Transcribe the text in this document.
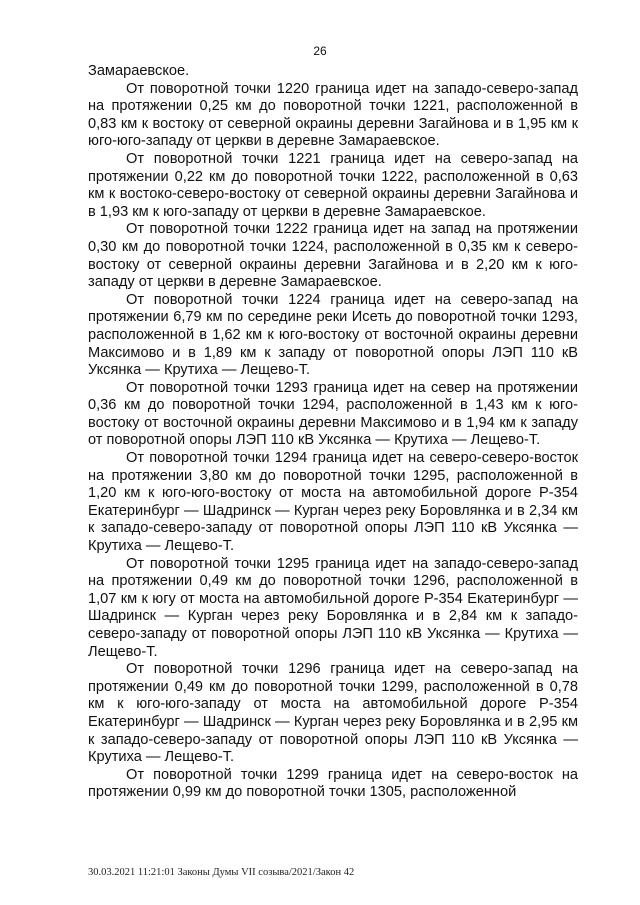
26

Замараевское.

От поворотной точки 1220 граница идет на западо-северо-запад на протяжении 0,25 км до поворотной точки 1221, расположенной в 0,83 км к востоку от северной окраины деревни Загайнова и в 1,95 км к юго-юго-западу от церкви в деревне Замараевское.

От поворотной точки 1221 граница идет на северо-запад на протяжении 0,22 км до поворотной точки 1222, расположенной в 0,63 км к востоко-северо-востоку от северной окраины деревни Загайнова и в 1,93 км к юго-западу от церкви в деревне Замараевское.

От поворотной точки 1222 граница идет на запад на протяжении 0,30 км до поворотной точки 1224, расположенной в 0,35 км к северо-востоку от северной окраины деревни Загайнова и в 2,20 км к юго-западу от церкви в деревне Замараевское.

От поворотной точки 1224 граница идет на северо-запад на протяжении 6,79 км по середине реки Исеть до поворотной точки 1293, расположенной в 1,62 км к юго-востоку от восточной окраины деревни Максимово и в 1,89 км к западу от поворотной опоры ЛЭП 110 кВ Уксянка — Крутиха — Лещево-Т.

От поворотной точки 1293 граница идет на север на протяжении 0,36 км до поворотной точки 1294, расположенной в 1,43 км к юго-востоку от восточной окраины деревни Максимово и в 1,94 км к западу от поворотной опоры ЛЭП 110 кВ Уксянка — Крутиха — Лещево-Т.

От поворотной точки 1294 граница идет на северо-северо-восток на протяжении 3,80 км до поворотной точки 1295, расположенной в 1,20 км к юго-юго-востоку от моста на автомобильной дороге Р-354 Екатеринбург — Шадринск — Курган через реку Боровлянка и в 2,34 км к западо-северо-западу от поворотной опоры ЛЭП 110 кВ Уксянка — Крутиха — Лещево-Т.

От поворотной точки 1295 граница идет на западо-северо-запад на протяжении 0,49 км до поворотной точки 1296, расположенной в 1,07 км к югу от моста на автомобильной дороге Р-354 Екатеринбург — Шадринск — Курган через реку Боровлянка и в 2,84 км к западо-северо-западу от поворотной опоры ЛЭП 110 кВ Уксянка — Крутиха — Лещево-Т.

От поворотной точки 1296 граница идет на северо-запад на протяжении 0,49 км до поворотной точки 1299, расположенной в 0,78 км к юго-юго-западу от моста на автомобильной дороге Р-354 Екатеринбург — Шадринск — Курган через реку Боровлянка и в 2,95 км к западо-северо-западу от поворотной опоры ЛЭП 110 кВ Уксянка — Крутиха — Лещево-Т.

От поворотной точки 1299 граница идет на северо-восток на протяжении 0,99 км до поворотной точки 1305, расположенной

30.03.2021 11:21:01 Законы Думы VII созыва/2021/Закон 42
